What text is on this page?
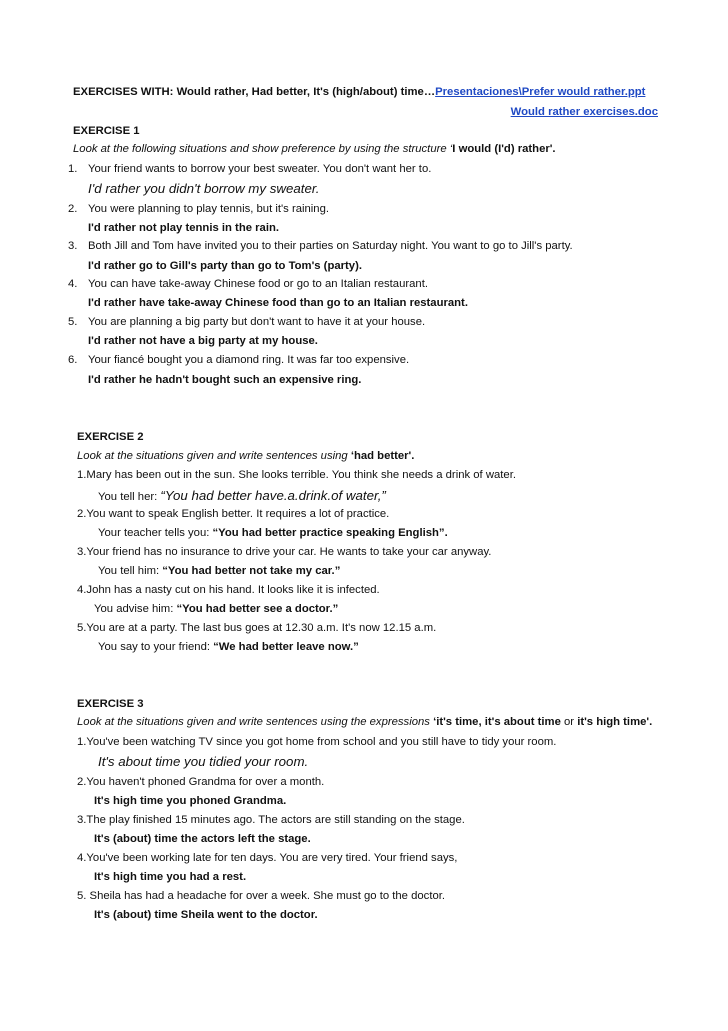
EXERCISES WITH: Would rather, Had better, It's (high/about) time…Presentaciones\Prefer would rather.ppt
Would rather exercises.doc
EXERCISE 1
Look at the following situations and show preference by using the structure ‘I would (I'd) rather'.
1. Your friend wants to borrow your best sweater. You don't want her to.
I'd rather you didn't borrow my sweater.
2. You were planning to play tennis, but it's raining.
I'd rather not play tennis in the rain.
3. Both Jill and Tom have invited you to their parties on Saturday night. You want to go to Jill's party.
I'd rather go to Gill's party than go to Tom's (party).
4. You can have take-away Chinese food or go to an Italian restaurant.
I'd rather have take-away Chinese food than go to an Italian restaurant.
5. You are planning a big party but don't want to have it at your house.
I'd rather not have a big party at my house.
6. Your fiancé bought you a diamond ring. It was far too expensive.
I'd rather he hadn't bought such an expensive ring.
EXERCISE 2
Look at the situations given and write sentences using ‘had better'.
1.Mary has been out in the sun. She looks terrible. You think she needs a drink of water.
You tell her: “You had better have.a.drink.of water,”
2.You want to speak English better. It requires a lot of practice.
Your teacher tells you: “You had better practice speaking English”.
3.Your friend has no insurance to drive your car. He wants to take your car anyway.
You tell him: “You had better not take my car.”
4.John has a nasty cut on his hand. It looks like it is infected.
You advise him: “You had better see a doctor.”
5.You are at a party. The last bus goes at 12.30 a.m. It's now 12.15 a.m.
You say to your friend: “We had better leave now.”
EXERCISE 3
Look at the situations given and write sentences using the expressions ‘it's time, it's about time or it's high time'.
1.You've been watching TV since you got home from school and you still have to tidy your room.
It's about time you tidied your room.
2.You haven't phoned Grandma for over a month.
It's high time you phoned Grandma.
3.The play finished 15 minutes ago. The actors are still standing on the stage.
It's (about) time the actors left the stage.
4.You've been working late for ten days. You are very tired. Your friend says,
It's high time you had a rest.
5. Sheila has had a headache for over a week. She must go to the doctor.
It's (about) time Sheila went to the doctor.
